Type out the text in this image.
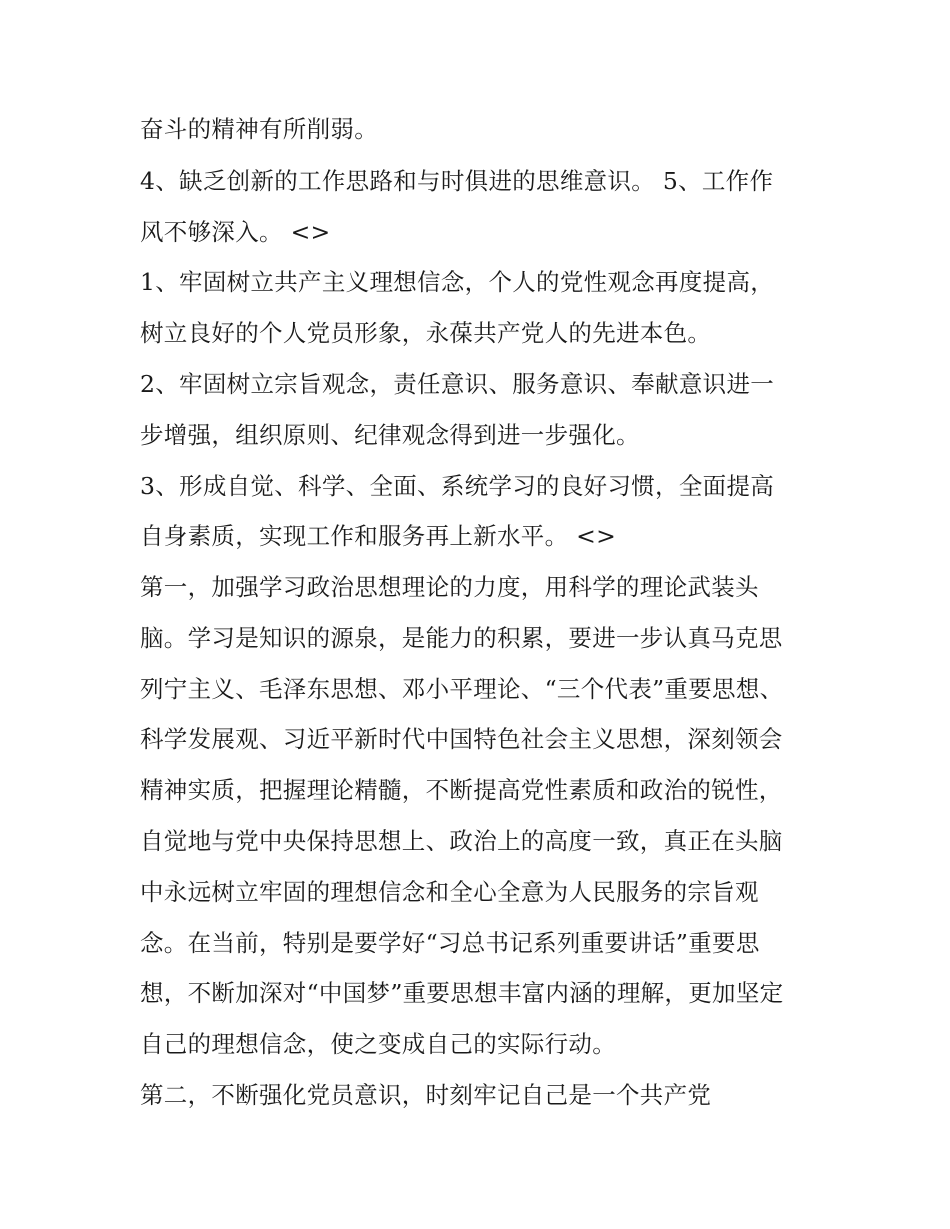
奋斗的精神有所削弱。
4、缺乏创新的工作思路和与时俱进的思维意识。 5、工作作
风不够深入。 <>
1、牢固树立共产主义理想信念，个人的党性观念再度提高，
树立良好的个人党员形象，永葆共产党人的先进本色。
2、牢固树立宗旨观念，责任意识、服务意识、奉献意识进一
步增强，组织原则、纪律观念得到进一步强化。
3、形成自觉、科学、全面、系统学习的良好习惯，全面提高
自身素质，实现工作和服务再上新水平。 <>
第一，加强学习政治思想理论的力度，用科学的理论武装头
脑。学习是知识的源泉，是能力的积累，要进一步认真马克思
列宁主义、毛泽东思想、邓小平理论、“三个代表”重要思想、
科学发展观、习近平新时代中国特色社会主义思想，深刻领会
精神实质，把握理论精髓，不断提高党性素质和政治的锐性，
自觉地与党中央保持思想上、政治上的高度一致，真正在头脑
中永远树立牢固的理想信念和全心全意为人民服务的宗旨观
念。在当前，特别是要学好“习总书记系列重要讲话”重要思
想，不断加深对“中国梦”重要思想丰富内涵的理解，更加坚定
自己的理想信念，使之变成自己的实际行动。
第二，不断强化党员意识，时刻牢记自己是一个共产党
